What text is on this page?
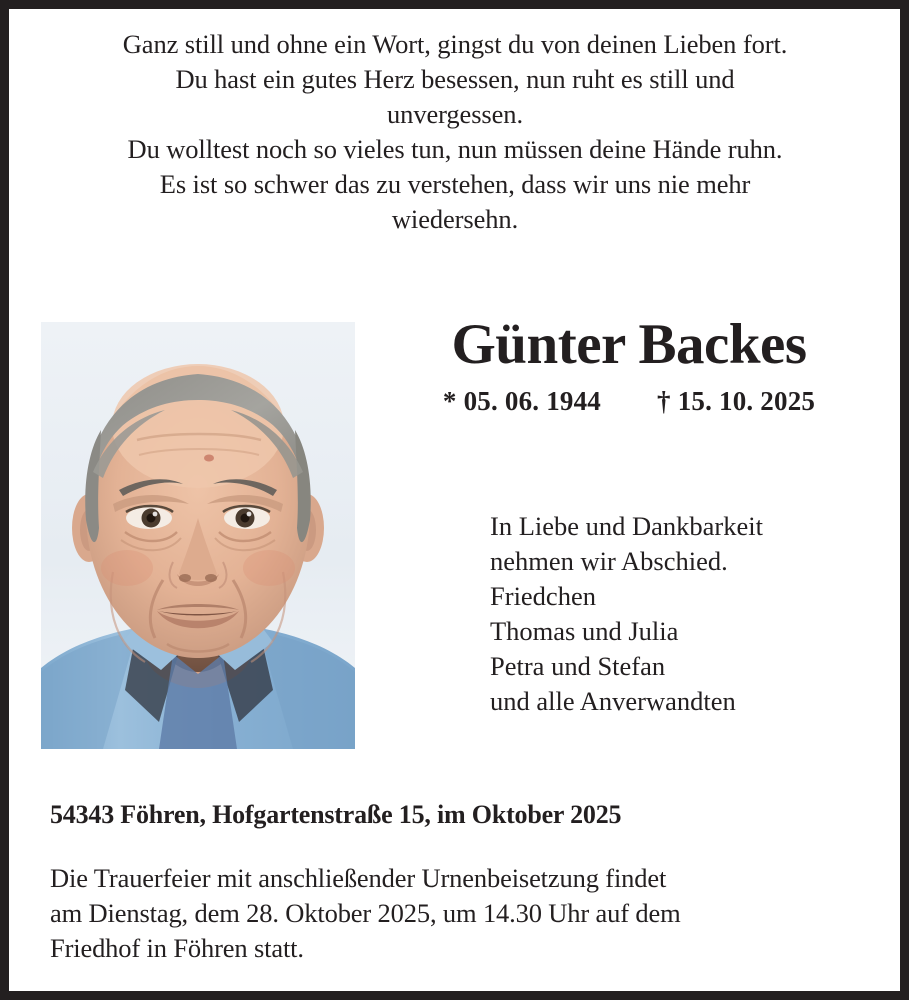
Ganz still und ohne ein Wort, gingst du von deinen Lieben fort.
Du hast ein gutes Herz besessen, nun ruht es still und
unvergessen.
Du wolltest noch so vieles tun, nun müssen deine Hände ruhn.
Es ist so schwer das zu verstehen, dass wir uns nie mehr
wiedersehn.
Günter Backes
* 05. 06. 1944 † 15. 10. 2025
In Liebe und Dankbarkeit
nehmen wir Abschied.
Friedchen
Thomas und Julia
Petra und Stefan
und alle Anverwandten
54343 Föhren, Hofgartenstraße 15, im Oktober 2025
Die Trauerfeier mit anschließender Urnenbeisetzung findet
am Dienstag, dem 28. Oktober 2025, um 14.30 Uhr auf dem
Friedhof in Föhren statt.
